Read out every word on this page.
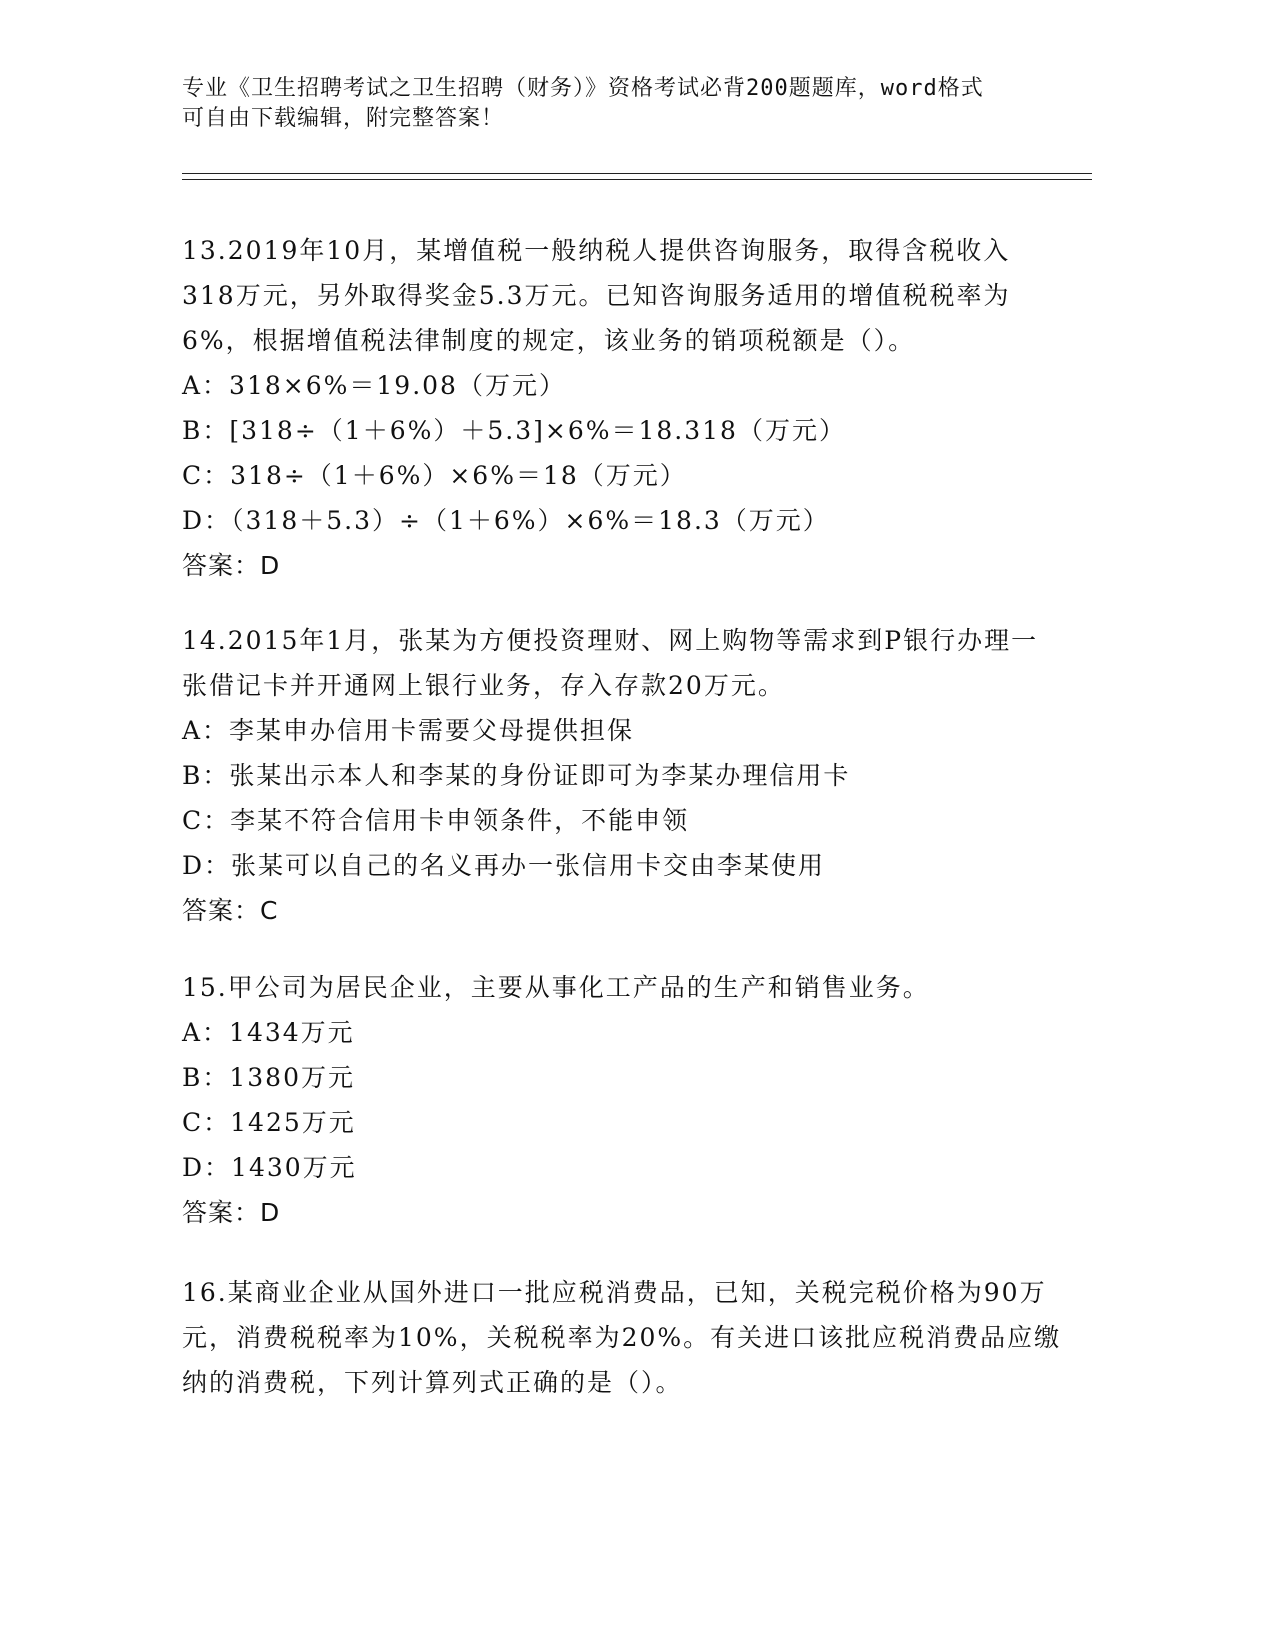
专业《卫生招聘考试之卫生招聘（财务）》资格考试必背200题题库，word格式
可自由下载编辑，附完整答案！
13.2019年10月，某增值税一般纳税人提供咨询服务，取得含税收入318万元，另外取得奖金5.3万元。已知咨询服务适用的增值税税率为6%，根据增值税法律制度的规定，该业务的销项税额是（）。
A：318×6%＝19.08（万元）
B：[318÷（1＋6%）＋5.3]×6%＝18.318（万元）
C：318÷（1＋6%）×6%＝18（万元）
D：（318＋5.3）÷（1＋6%）×6%＝18.3（万元）
答案：D
14.2015年1月，张某为方便投资理财、网上购物等需求到P银行办理一张借记卡并开通网上银行业务，存入存款20万元。
A：李某申办信用卡需要父母提供担保
B：张某出示本人和李某的身份证即可为李某办理信用卡
C：李某不符合信用卡申领条件，不能申领
D：张某可以自己的名义再办一张信用卡交由李某使用
答案：C
15.甲公司为居民企业，主要从事化工产品的生产和销售业务。
A：1434万元
B：1380万元
C：1425万元
D：1430万元
答案：D
16.某商业企业从国外进口一批应税消费品，已知，关税完税价格为90万元，消费税税率为10%，关税税率为20%。有关进口该批应税消费品应缴纳的消费税，下列计算列式正确的是（）。
